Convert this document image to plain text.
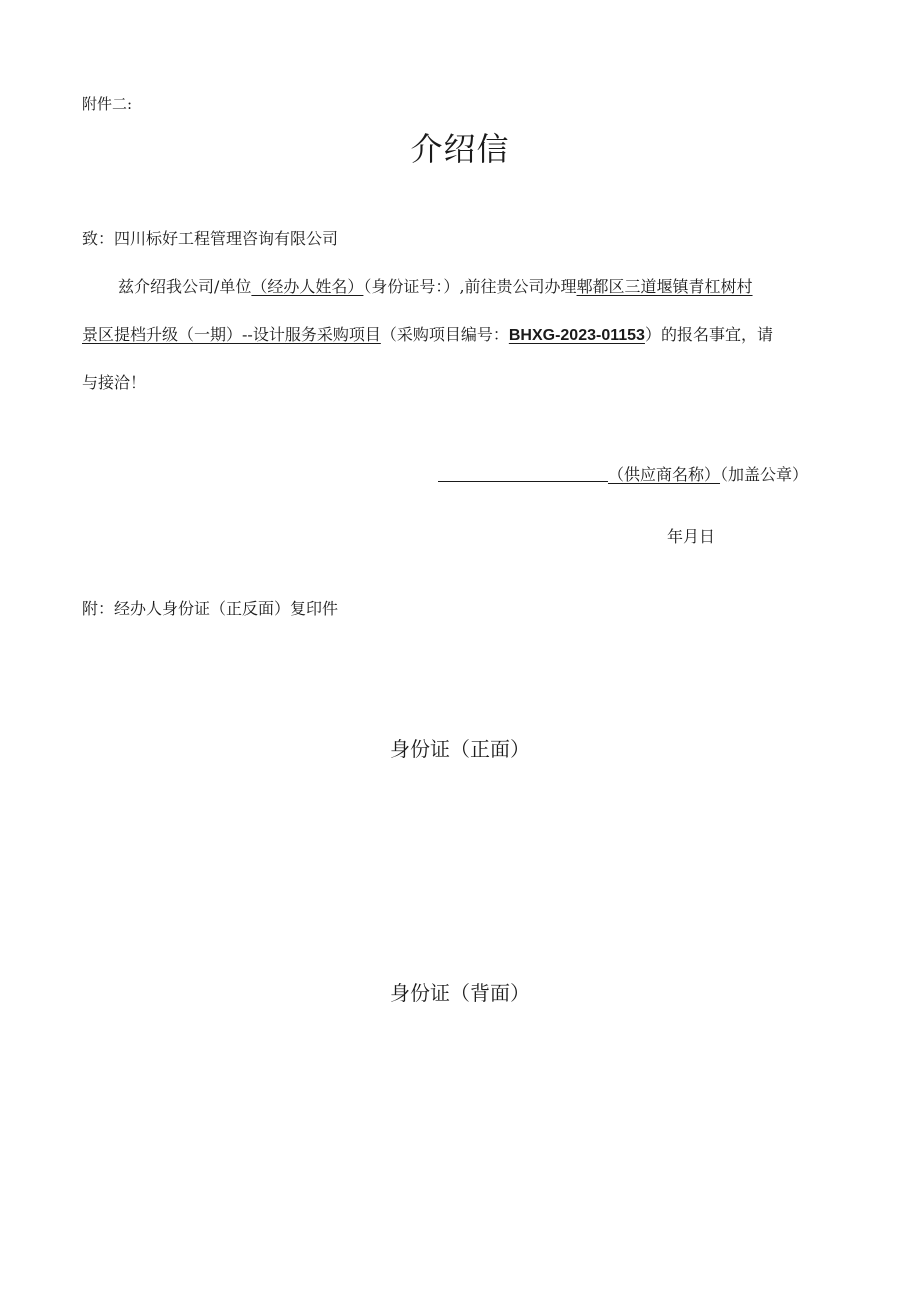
附件二:
介绍信
致：四川标好工程管理咨询有限公司
兹介绍我公司/单位（经办人姓名）（身份证号：）,前往贵公司办理郫都区三道堰镇青杠树村
景区提档升级（一期）--设计服务采购项目（采购项目编号：BHXG-2023-01153）的报名事宜，请
与接洽！
（供应商名称）（加盖公章）
年月日
附：经办人身份证（正反面）复印件
身份证（正面）
身份证（背面）
